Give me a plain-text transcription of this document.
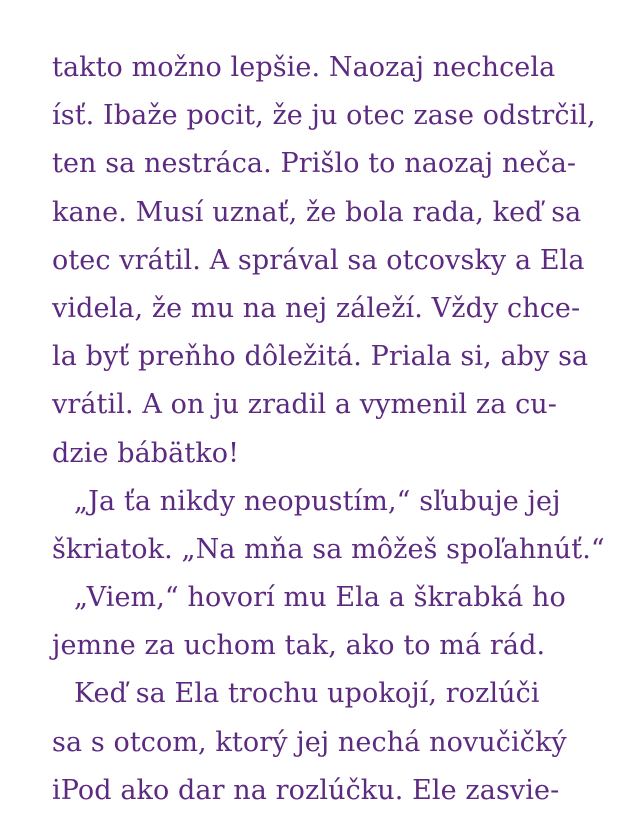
takto možno lepšie. Naozaj nechcela
ísť. Ibaže pocit, že ju otec zase odstrčil,
ten sa nestráca. Prišlo to naozaj neča-
kane. Musí uznať, že bola rada, keď sa
otec vrátil. A správal sa otcovsky a Ela
videla, že mu na nej záleží. Vždy chce-
la byť preňho dôležitá. Priala si, aby sa
vrátil. A on ju zradil a vymenil za cu-
dzie bábätko!
„Ja ťa nikdy neopustím,“ sľubuje jej
škriatok. „Na mňa sa môžeš spoľahnúť.“
„Viem,“ hovorí mu Ela a škrabká ho
jemne za uchom tak, ako to má rád.
Keď sa Ela trochu upokojí, rozlúči
sa s otcom, ktorý jej nechá novučičký
iPod ako dar na rozlúčku. Ele zasvie-
